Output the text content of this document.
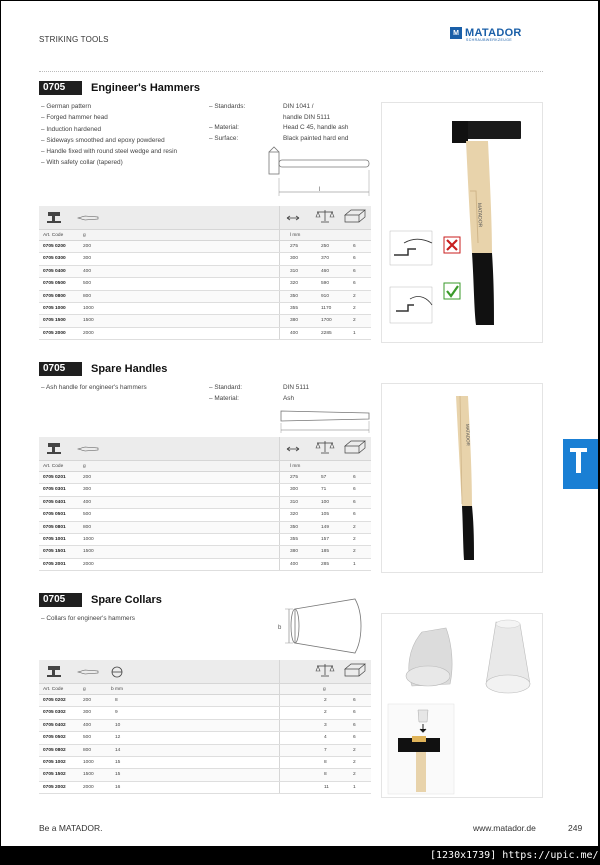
STRIKING TOOLS
M MATADOR
SCHRAUBWERKZEUGE
0705	Engineer's Hammers
– German pattern
– Forged hammer head
– Induction hardened
– Sideways smoothed and epoxy powdered
– Handle fixed with round steel wedge and resin
– With safety collar (tapered)
– Standards:	DIN 1041 /
handle DIN 5111
– Material:	Head C 45, handle ash
– Surface:	Black painted hard end
l
Art. Code	g	l mm
0705 0200	200	275	250	6
0705 0300	300	300	370	6
0705 0400	400	310	460	6
0705 0500	500	320	590	6
0705 0800	800	350	910	2
0705 1000	1000	355	1170	2
0705 1500	1500	380	1700	2
0705 2000	2000	400	2285	1
MATADOR
0705	Spare Handles
– Ash handle for engineer's hammers
–	Standard:	DIN 5111
– Material:	Ash
Art. Code	g	l mm
0705 0201	200	275	57	6
0705 0301	300	300	71	6
0705 0401	400	310	100	6
0705 0501	500	320	105	6
0705 0801	800	350	149	2
0705 1001	1000	355	157	2
0705 1501	1500	380	185	2
0705 2001	2000	400	285	1
MATADOR
0705	Spare Collars
– Collars for engineer's hammers
b
Art. Code	g	b mm	g
0705 0202	200	8	2	6
0705 0302	300	9	2	6
0705 0402	400	10	3	6
0705 0502	500	12	4	6
0705 0802	800	14	7	2
0705 1002	1000	15	8	2
0705 1502	1500	15	8	2
0705 2002	2000	16	11	1
Be a MATADOR.	www.matador.de	249
[1230x1739] https://upic.me/
